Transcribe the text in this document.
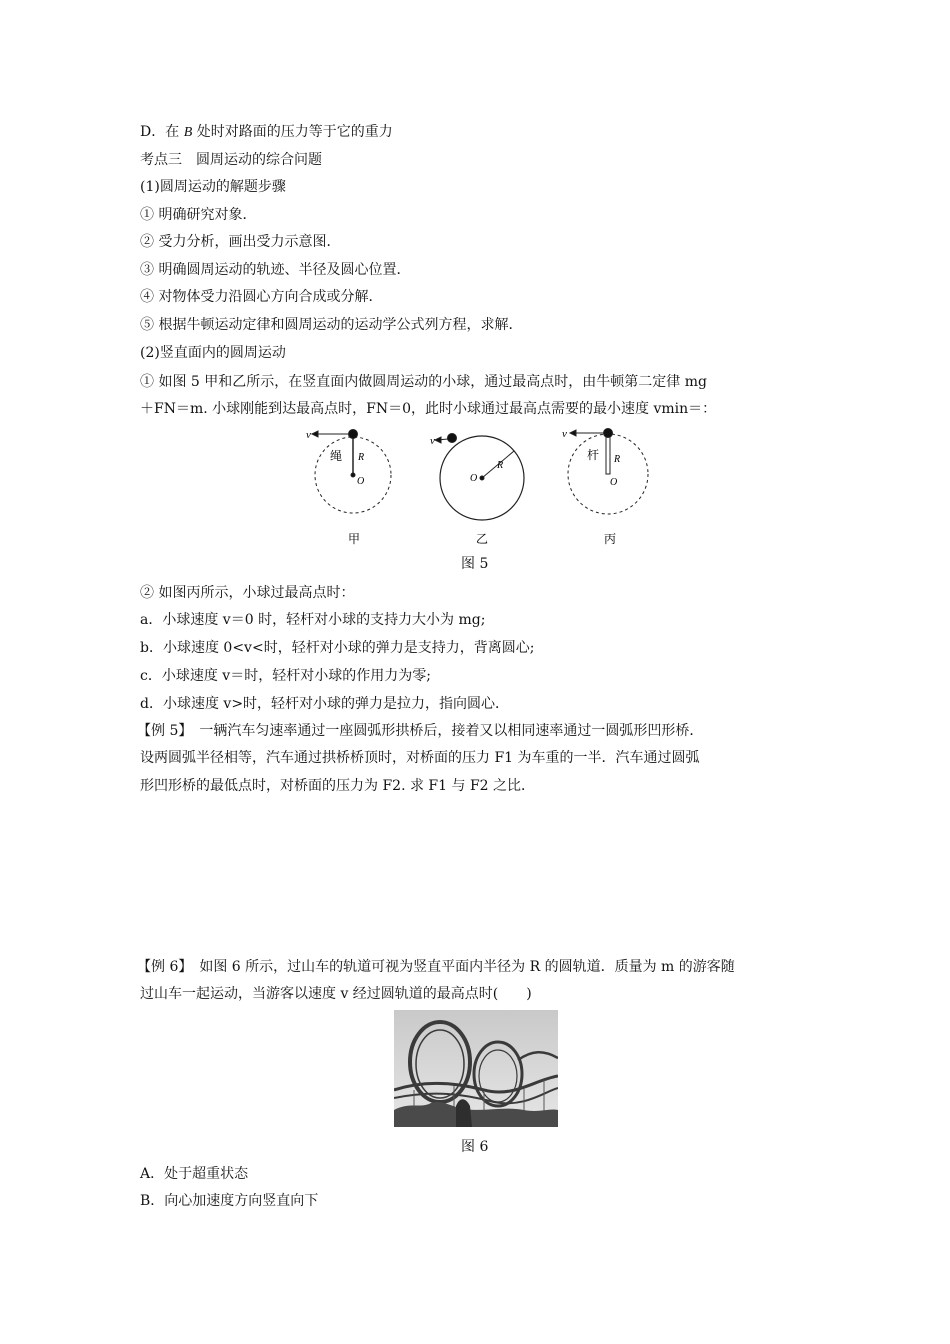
D．在 B 处时对路面的压力等于它的重力
考点三　圆周运动的综合问题
(1)圆周运动的解题步骤
① 明确研究对象．
② 受力分析，画出受力示意图．
③ 明确圆周运动的轨迹、半径及圆心位置．
④ 对物体受力沿圆心方向合成或分解．
⑤ 根据牛顿运动定律和圆周运动的运动学公式列方程，求解．
(2)竖直面内的圆周运动
① 如图 5 甲和乙所示，在竖直面内做圆周运动的小球，通过最高点时，由牛顿第二定律 mg
＋FN＝m. 小球刚能到达最高点时，FN＝0，此时小球通过最高点需要的最小速度 vmin＝：
v
绳 R
O
甲
v
R
O
乙
v
杆 R
O
丙
图 5
② 如图丙所示，小球过最高点时：
a．小球速度 v＝0 时，轻杆对小球的支持力大小为 mg;
b．小球速度 0<v<时，轻杆对小球的弹力是支持力，背离圆心;
c．小球速度 v＝时，轻杆对小球的作用力为零;
d．小球速度 v>时，轻杆对小球的弹力是拉力，指向圆心．
【例 5】　一辆汽车匀速率通过一座圆弧形拱桥后，接着又以相同速率通过一圆弧形凹形桥．
设两圆弧半径相等，汽车通过拱桥桥顶时，对桥面的压力 F1 为车重的一半．汽车通过圆弧
形凹形桥的最低点时，对桥面的压力为 F2. 求 F1 与 F2 之比．
【例 6】　如图 6 所示，过山车的轨道可视为竖直平面内半径为 R 的圆轨道．质量为 m 的游客随
过山车一起运动，当游客以速度 v 经过圆轨道的最高点时(　　)
图 6
A．处于超重状态
B．向心加速度方向竖直向下
